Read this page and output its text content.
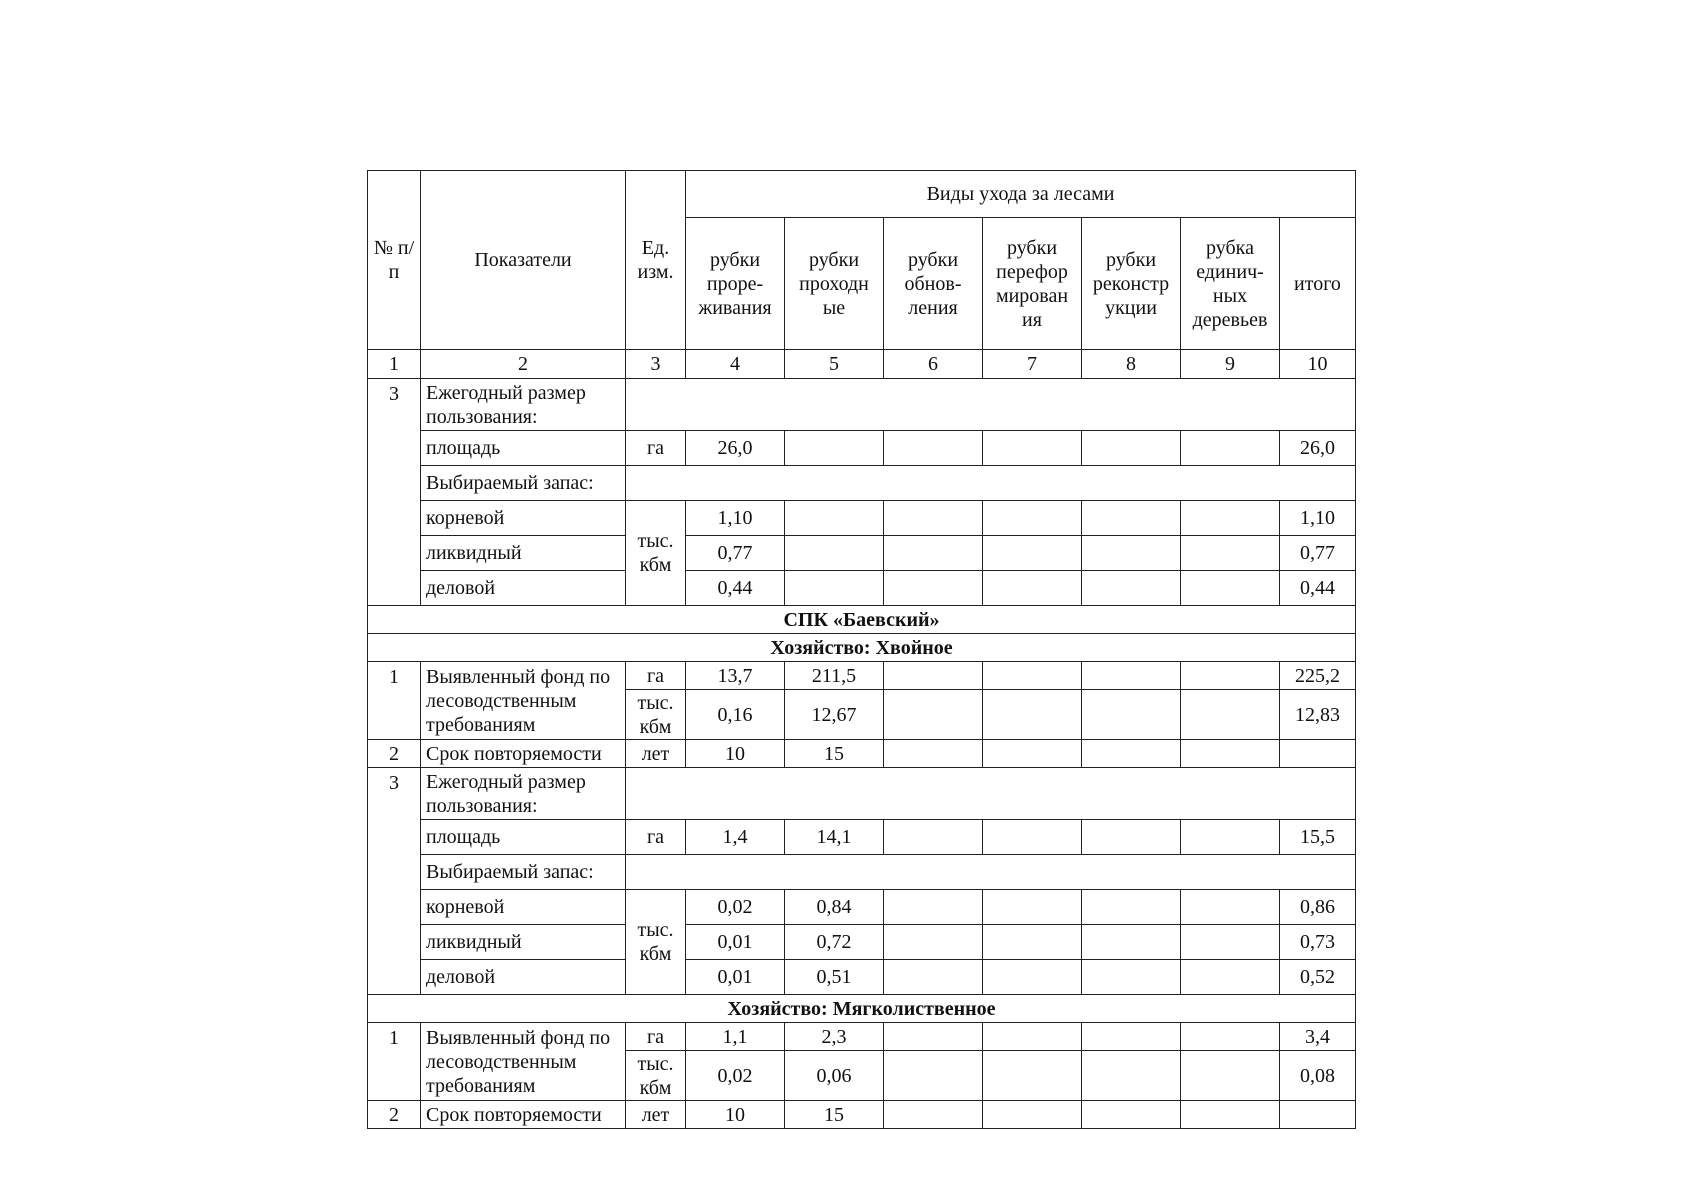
№ п/п	Показатели	Ед. изм.	Виды ухода за лесами						
			рубки
проре-
живания	рубки
проходн
ые	рубки
обнов-
ления	рубки
перефор
мирован
ия	рубки
реконстр
укции	рубка
единич-
ных
деревьев	итого
1	2	3	4	5	6	7	8	9	10
3	Ежегодный размер пользования:								
	площадь	га	26,0						26,0
	Выбираемый запас:								
	корневой	тыс. кбм	1,10						1,10
	ликвидный		0,77						0,77
	деловой		0,44						0,44
СПК «Баевский»									
Хозяйство: Хвойное									
1	Выявленный фонд по лесоводственным требованиям	га	13,7	211,5					225,2
		тыс. кбм	0,16	12,67					12,83
2	Срок повторяемости	лет	10	15					
3	Ежегодный размер пользования:								
	площадь	га	1,4	14,1					15,5
	Выбираемый запас:								
	корневой	тыс. кбм	0,02	0,84					0,86
	ликвидный		0,01	0,72					0,73
	деловой		0,01	0,51					0,52
Хозяйство: Мягколиственное									
1	Выявленный фонд по лесоводственным требованиям	га	1,1	2,3					3,4
		тыс. кбм	0,02	0,06					0,08
2	Срок повторяемости	лет	10	15					
